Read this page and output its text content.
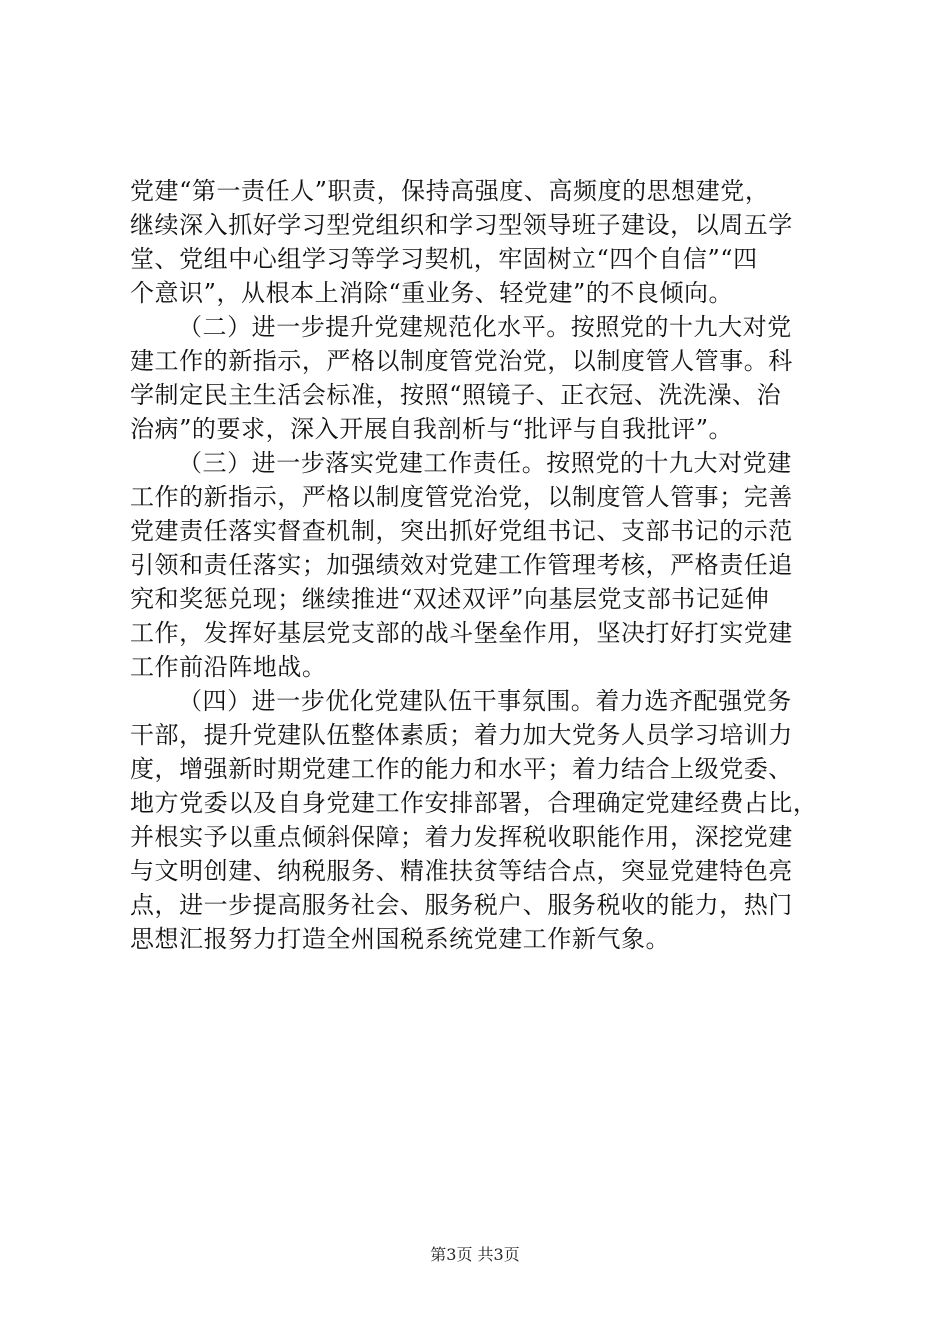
党建“第一责任人”职责，保持高强度、高频度的思想建党，
继续深入抓好学习型党组织和学习型领导班子建设，以周五学
堂、党组中心组学习等学习契机，牢固树立“四个自信”“四
个意识”，从根本上消除“重业务、轻党建”的不良倾向。
（二）进一步提升党建规范化水平。按照党的十九大对党
建工作的新指示，严格以制度管党治党，以制度管人管事。科
学制定民主生活会标准，按照“照镜子、正衣冠、洗洗澡、治
治病”的要求，深入开展自我剖析与“批评与自我批评”。
（三）进一步落实党建工作责任。按照党的十九大对党建
工作的新指示，严格以制度管党治党，以制度管人管事；完善
党建责任落实督查机制，突出抓好党组书记、支部书记的示范
引领和责任落实；加强绩效对党建工作管理考核，严格责任追
究和奖惩兑现；继续推进“双述双评”向基层党支部书记延伸
工作，发挥好基层党支部的战斗堡垒作用，坚决打好打实党建
工作前沿阵地战。
（四）进一步优化党建队伍干事氛围。着力选齐配强党务
干部，提升党建队伍整体素质；着力加大党务人员学习培训力
度，增强新时期党建工作的能力和水平；着力结合上级党委、
地方党委以及自身党建工作安排部署，合理确定党建经费占比，
并根实予以重点倾斜保障；着力发挥税收职能作用，深挖党建
与文明创建、纳税服务、精准扶贫等结合点，突显党建特色亮
点，进一步提高服务社会、服务税户、服务税收的能力，热门
思想汇报努力打造全州国税系统党建工作新气象。
第3页 共3页
